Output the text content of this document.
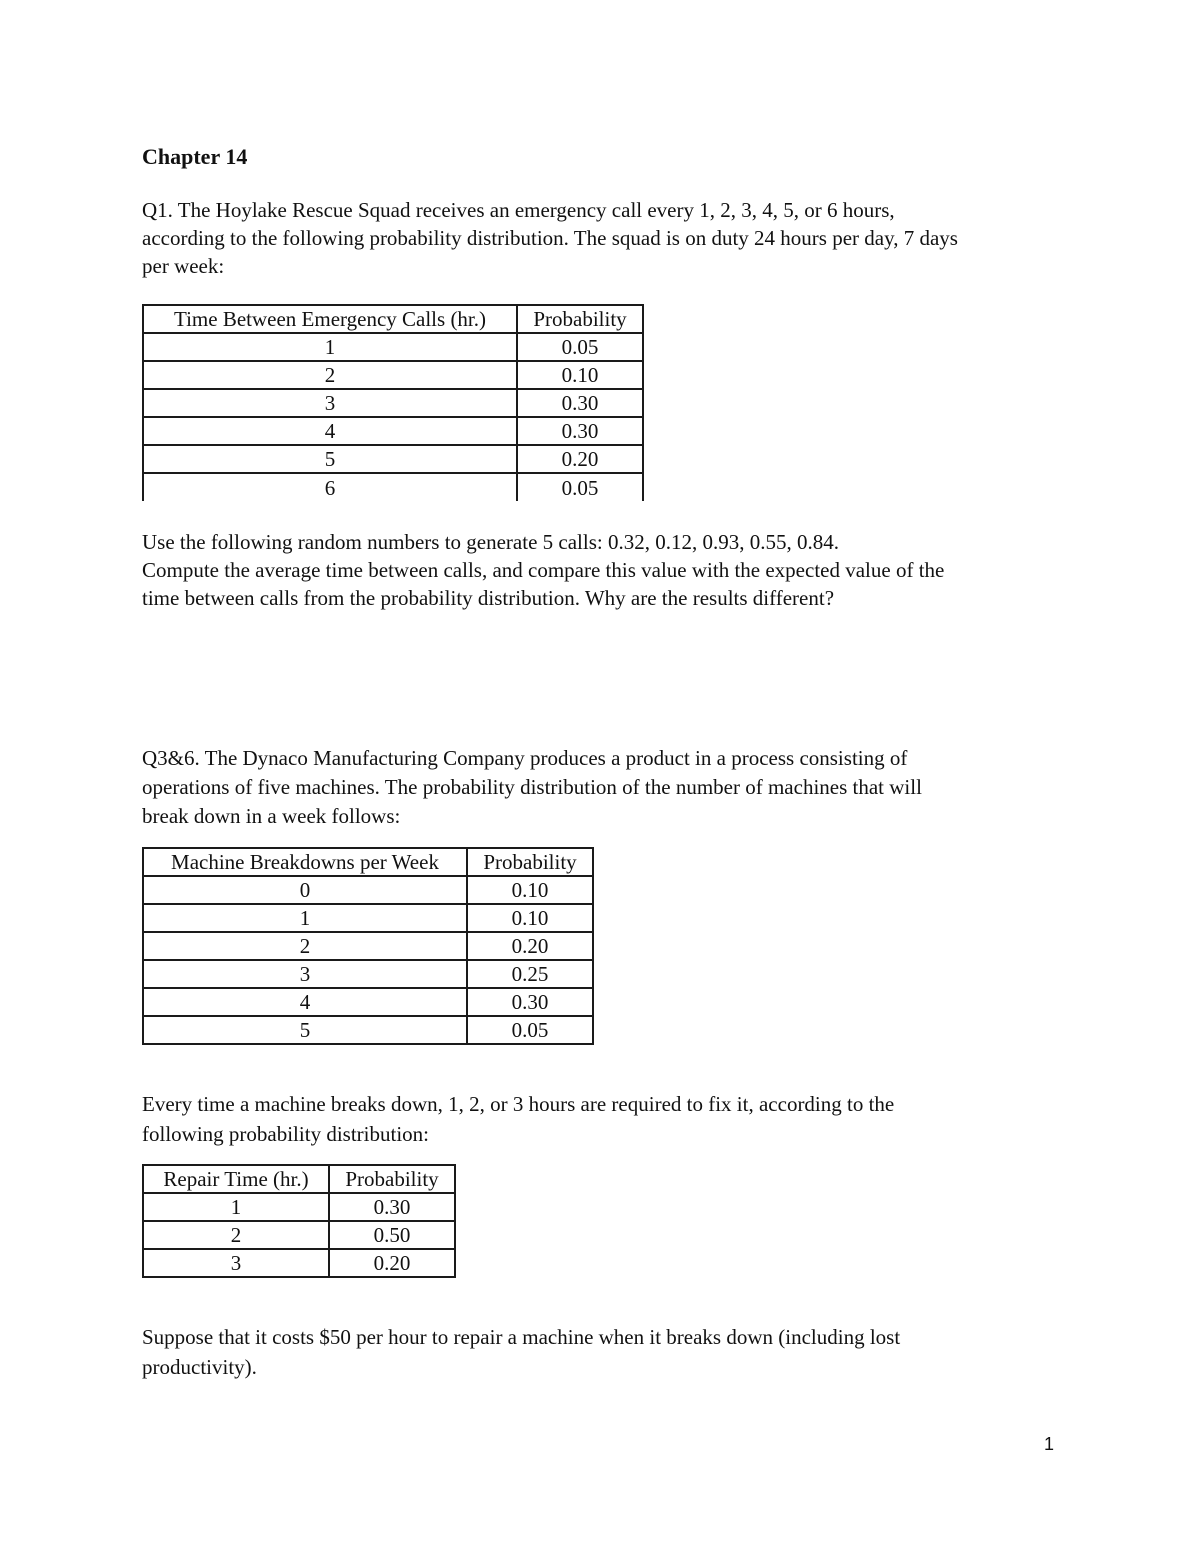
Chapter 14
Q1. The Hoylake Rescue Squad receives an emergency call every 1, 2, 3, 4, 5, or 6 hours,
according to the following probability distribution. The squad is on duty 24 hours per day, 7 days
per week:
Time Between Emergency Calls (hr.)	Probability
1	0.05
2	0.10
3	0.30
4	0.30
5	0.20
6	0.05
Use the following random numbers to generate 5 calls: 0.32, 0.12, 0.93, 0.55, 0.84.
Compute the average time between calls, and compare this value with the expected value of the
time between calls from the probability distribution. Why are the results different?
Q3&6. The Dynaco Manufacturing Company produces a product in a process consisting of
operations of five machines. The probability distribution of the number of machines that will
break down in a week follows:
Machine Breakdowns per Week	Probability
0	0.10
1	0.10
2	0.20
3	0.25
4	0.30
5	0.05
Every time a machine breaks down, 1, 2, or 3 hours are required to fix it, according to the
following probability distribution:
Repair Time (hr.)	Probability
1	0.30
2	0.50
3	0.20
Suppose that it costs $50 per hour to repair a machine when it breaks down (including lost
productivity).
1
